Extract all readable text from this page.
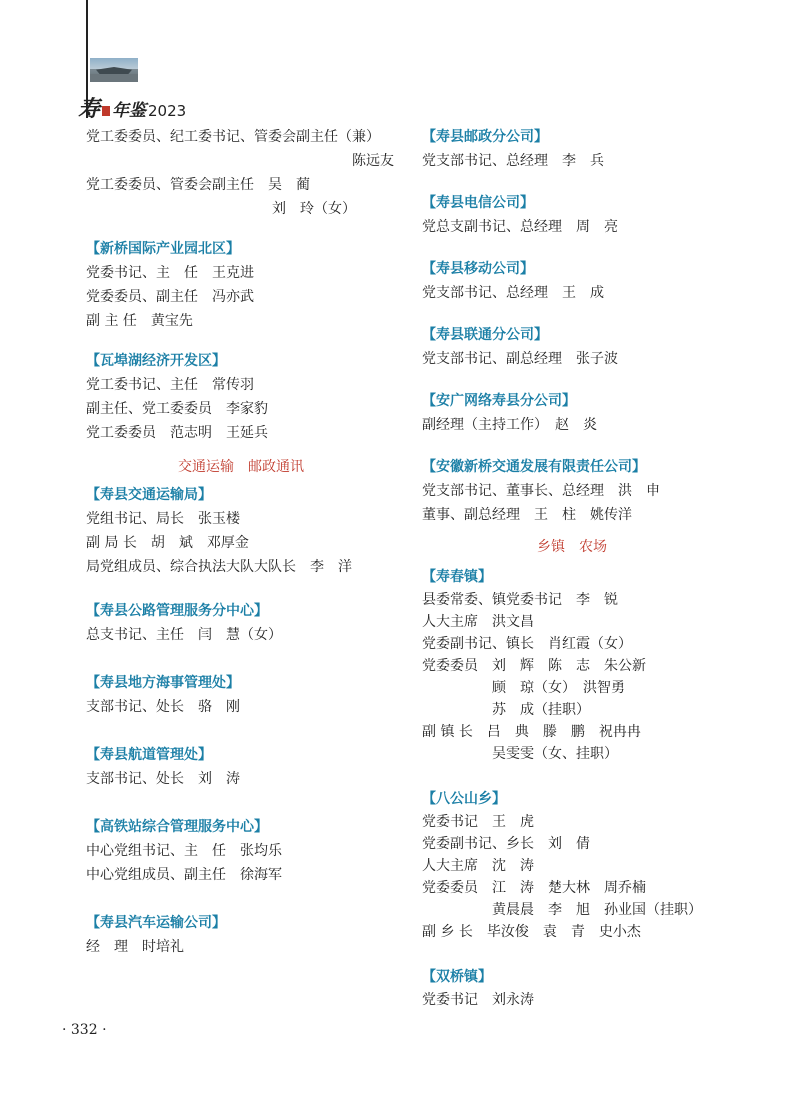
寿 年鉴 2023
党工委委员、纪工委书记、管委会副主任（兼）
陈远友
党工委委员、管委会副主任　吴　蔺
刘　玲（女）
【新桥国际产业园北区】
党委书记、主　任　王克进
党委委员、副主任　冯亦武
副 主 任　黄宝先
【瓦埠湖经济开发区】
党工委书记、主任　常传羽
副主任、党工委委员　李家豹
党工委委员　范志明　王延兵
交通运输　邮政通讯
【寿县交通运输局】
党组书记、局长　张玉楼
副 局 长　胡　斌　邓厚金
局党组成员、综合执法大队大队长　李　洋
【寿县公路管理服务分中心】
总支书记、主任　闫　慧（女）
【寿县地方海事管理处】
支部书记、处长　骆　刚
【寿县航道管理处】
支部书记、处长　刘　涛
【高铁站综合管理服务中心】
中心党组书记、主　任　张均乐
中心党组成员、副主任　徐海军
【寿县汽车运输公司】
经　理　时培礼
【寿县邮政分公司】
党支部书记、总经理　李　兵
【寿县电信公司】
党总支副书记、总经理　周　亮
【寿县移动公司】
党支部书记、总经理　王　成
【寿县联通分公司】
党支部书记、副总经理　张子波
【安广网络寿县分公司】
副经理（主持工作）　赵　炎
【安徽新桥交通发展有限责任公司】
党支部书记、董事长、总经理　洪　申
董事、副总经理　王　柱　姚传洋
乡镇　农场
【寿春镇】
县委常委、镇党委书记　李　锐
人大主席　洪文昌
党委副书记、镇长　肖红霞（女）
党委委员　刘　辉　陈　志　朱公新
　　　　　顾　琼（女）　洪智勇
　　　　　苏　成（挂职）
副 镇 长　吕　典　滕　鹏　祝冉冉
　　　　　吴雯雯（女、挂职）
【八公山乡】
党委书记　王　虎
党委副书记、乡长　刘　倩
人大主席　沈　涛
党委委员　江　涛　楚大林　周乔楠
　　　　　黄晨晨　李　旭　孙业国（挂职）
副 乡 长　毕汝俊　袁　青　史小杰
【双桥镇】
党委书记　刘永涛
· 332 ·
